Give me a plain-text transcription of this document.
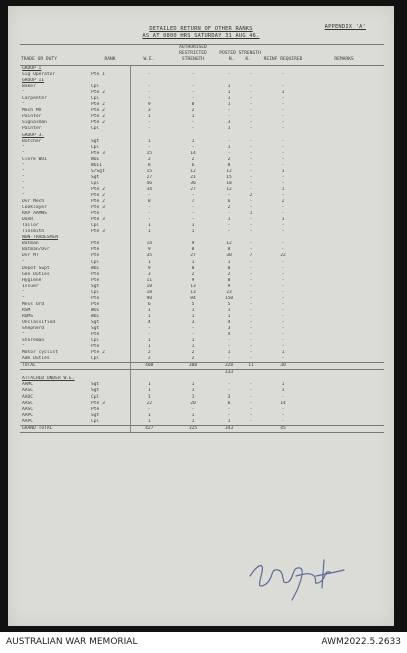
APPENDIX 'A'
DETAILED RETURN OF OTHER RANKS
AS AT 0800 HRS SATURDAY 31 AUG 46.
TRADE OR DUTY	RANK	W.E.	AUTHORISED RESTRICTED STRENGTH	POSTED STRENGTH
N. K.		REINF REQUIRED	REMARKS
GROUP I							
Sig Operator	Pte 1	-	-	-	-	-	
GROUP II							
Baker	Cpl	-	-	1	-	-	
"	Pte 2	-	-	1	-	1	
Carpenter	Cpl	-	-	1	-	-	
"	Pte 2	9	8	1	-	-	
Mech MV	Pte 2	3	2	-	-	-	
Painter	Pte 2	1	1	-	-	-	
Signalman	Pte 2	-	-	3	-	-	
Painter	Cpl	-	-	1	-	-	
GROUP 3.							
Butcher	Sgt	1	1	-	-	-	
"	Cpl	-	-	1	-	-	
"	Pte 3	15	14	-	-	-	
Clerk WOI	WOI	2	2	2	-	-	
"	WOII	8	6	8	-	-	
"	S/Sgt	15	12	12	-	1	
"	Sgt	27	21	15	-	-	
"	Cpl	46	36	18	-	-	
"	Pte 2	34	27	12	-	1	
"	Pte 2	-	-	-	2	-	
Dvr Mech	Pte 2	8	7	6	-	2	
Cooklayer	Pte 3	-	-	2	-	-	
RAP AAMWS	Pte	-	-	-	1	-	
DanR	Pte 3	-	-	1	-	1	
Tailor	Cpl	1	1	-	-	-	
Tinsmith	Pte 3	1	1	-	-	-	
NON-TRADESMEN							
Batman	Pte	14	9	12	-	-	
Batman/Dvr	Pte	9	8	8	-	-	
Dvr MT	Pte	35	27	30	7	22	
"	Cpl	1	1	1	-	-	
Depot Supt	WOI	9	8	8	-	-	
Gen Duties	Pte	3	2	2	-	-	
Hygiene	Pte	11	9	8	-	-	
Issuer	Sgt	18	13	9	-	-	
"	Cpl	18	13	23	-	-	
"	Pte	90	84	150	-	-	
Mess Ord	Pte	6	5	5	-	-	
RSM	WOI	1	1	1	-	-	
RQMS	WOI	1	1	1	-	-	
Unclassified	Sgt	4	3	4	-	-	
Shepherd	Sgt	-	-	3	-	-	
"	Pte	-	-	4	-	-	
Storeman	Cpl	1	1	-	-	-	
"	Pte	1	1	-	-	-	
Motor cyclist	Pte 2	2	2	1	-	1	
Adm Duties	Cpl	2	2	-	-	-	
TOTAL		400	300	328	11	30	
				333			
ATTACHED UNDER W.E.							
AAMC	Sgt	1	1	-	-	1	
AASC	Sgt	1	1	-	-	1	
AAOC	Cpl	1	1	3	-	-	
AASC	Pte 3	22	20	6	-	14	
AASC	Pte	-	-	-	-	-	
AAPC	Sgt	1	1	-	-	-	
AAPC	Cpl	1	1	1	-	-	
GRAND TOTAL		427	325	343		45	
AUSTRALIAN WAR MEMORIAL	AWM2022.5.2633
